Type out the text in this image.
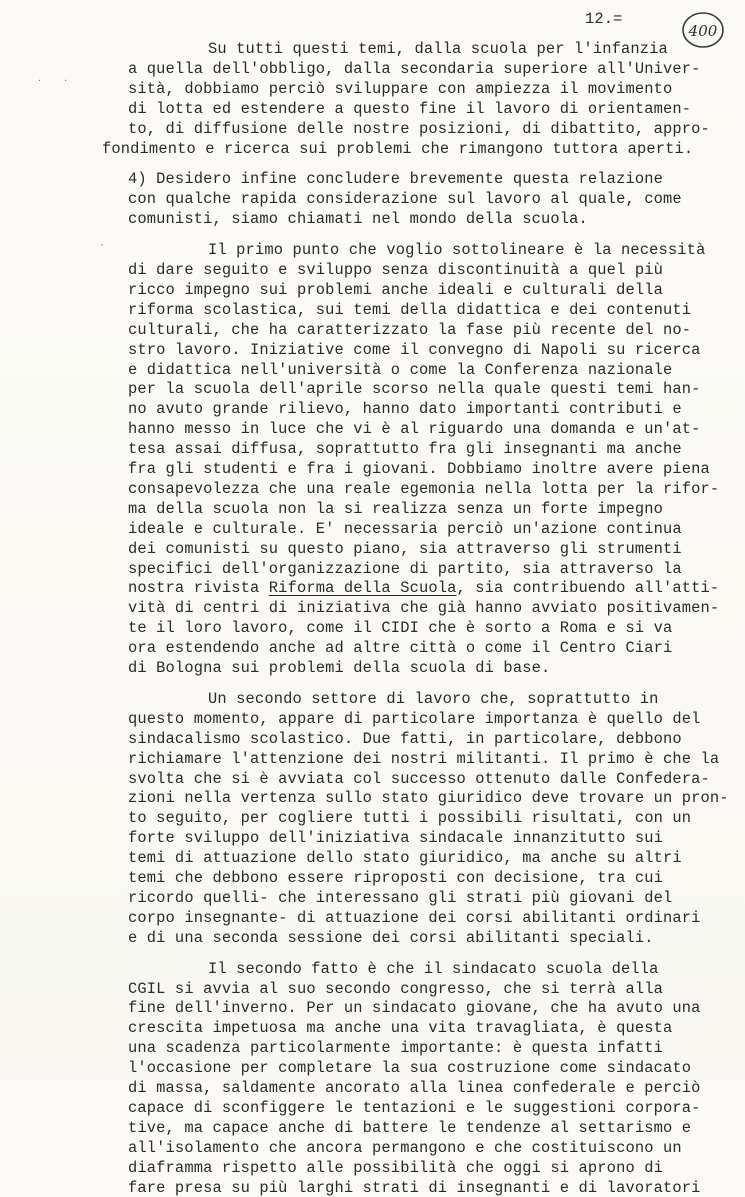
12.=
400
· ·
ˋ
Su tutti questi temi, dalla scuola per l'infanzia
a quella dell'obbligo, dalla secondaria superiore all'Univer-
sità, dobbiamo perciò sviluppare con ampiezza il movimento
di lotta ed estendere a questo fine il lavoro di orientamen-
to, di diffusione delle nostre posizioni, di dibattito, appro-
fondimento e ricerca sui problemi che rimangono tuttora aperti.
4) Desidero infine concludere brevemente questa relazione
con qualche rapida considerazione sul lavoro al quale, come
comunisti, siamo chiamati nel mondo della scuola.
Il primo punto che voglio sottolineare è la necessità
di dare seguito e sviluppo senza discontinuità a quel più
ricco impegno sui problemi anche ideali e culturali della
riforma scolastica, sui temi della didattica e dei contenuti
culturali, che ha caratterizzato la fase più recente del no-
stro lavoro. Iniziative come il convegno di Napoli su ricerca
e didattica nell'università o come la Conferenza nazionale
per la scuola dell'aprile scorso nella quale questi temi han-
no avuto grande rilievo, hanno dato importanti contributi e
hanno messo in luce che vi è al riguardo una domanda e un'at-
tesa assai diffusa, soprattutto fra gli insegnanti ma anche
fra gli studenti e fra i giovani. Dobbiamo inoltre avere piena
consapevolezza che una reale egemonia nella lotta per la rifor-
ma della scuola non la si realizza senza un forte impegno
ideale e culturale. E' necessaria perciò un'azione continua
dei comunisti su questo piano, sia attraverso gli strumenti
specifici dell'organizzazione di partito, sia attraverso la
nostra rivista Riforma della Scuola, sia contribuendo all'atti-
vità di centri di iniziativa che già hanno avviato positivamen-
te il loro lavoro, come il CIDI che è sorto a Roma e si va
ora estendendo anche ad altre città o come il Centro Ciari
di Bologna sui problemi della scuola di base.
Un secondo settore di lavoro che, soprattutto in
questo momento, appare di particolare importanza è quello del
sindacalismo scolastico. Due fatti, in particolare, debbono
richiamare l'attenzione dei nostri militanti. Il primo è che la
svolta che si è avviata col successo ottenuto dalle Confedera-
zioni nella vertenza sullo stato giuridico deve trovare un pron-
to seguito, per cogliere tutti i possibili risultati, con un
forte sviluppo dell'iniziativa sindacale innanzitutto sui
temi di attuazione dello stato giuridico, ma anche su altri
temi che debbono essere riproposti con decisione, tra cui
ricordo quelli- che interessano gli strati più giovani del
corpo insegnante- di attuazione dei corsi abilitanti ordinari
e di una seconda sessione dei corsi abilitanti speciali.
Il secondo fatto è che il sindacato scuola della
CGIL si avvia al suo secondo congresso, che si terrà alla
fine dell'inverno. Per un sindacato giovane, che ha avuto una
crescita impetuosa ma anche una vita travagliata, è questa
una scadenza particolarmente importante: è questa infatti
l'occasione per completare la sua costruzione come sindacato
di massa, saldamente ancorato alla linea confederale e perciò
capace di sconfiggere le tentazioni e le suggestioni corpora-
tive, ma capace anche di battere le tendenze al settarismo e
all'isolamento che ancora permangono e che costituiscono un
diaframma rispetto alle possibilità che oggi si aprono di
fare presa su più larghi strati di insegnanti e di lavoratori
